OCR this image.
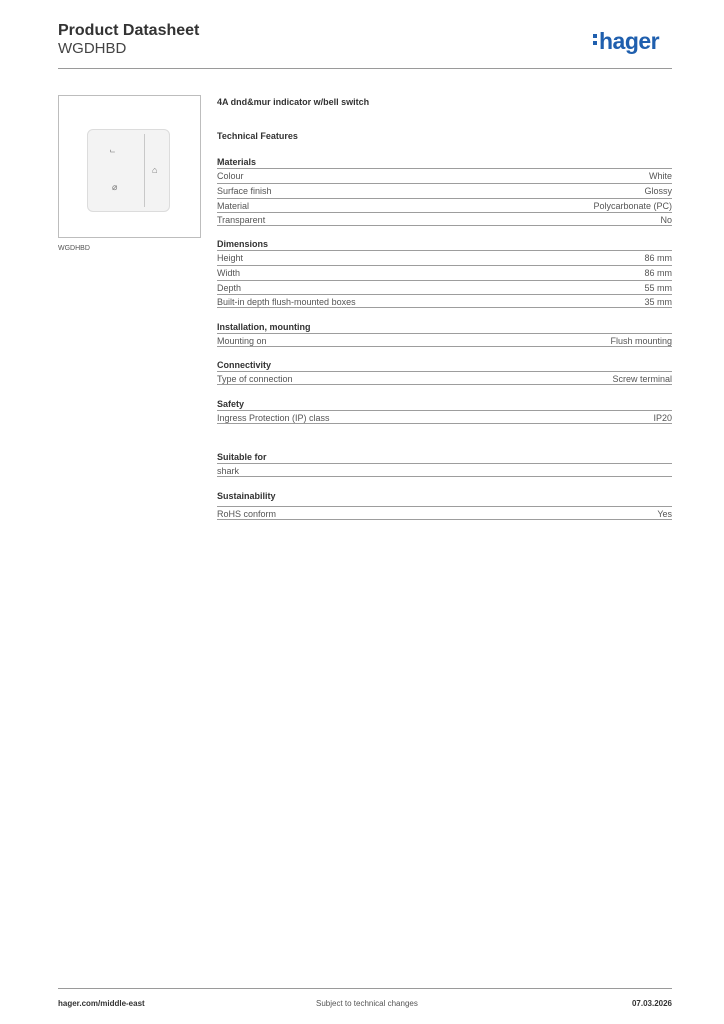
Product Datasheet
WGDHBD	hager
⨽
⌀
⌂
WGDHBD
4A dnd&mur indicator w/bell switch
Technical Features
Materials
Colour	White
Surface finish	Glossy
Material	Polycarbonate (PC)
Transparent	No
Dimensions
Height	86 mm
Width	86 mm
Depth	55 mm
Built-in depth flush-mounted boxes	35 mm
Installation, mounting
Mounting on	Flush mounting
Connectivity
Type of connection	Screw terminal
Safety
Ingress Protection (IP) class	IP20
Suitable for
shark
Sustainability
RoHS conform	Yes
hager.com/middle-east	Subject to technical changes	07.03.2026
